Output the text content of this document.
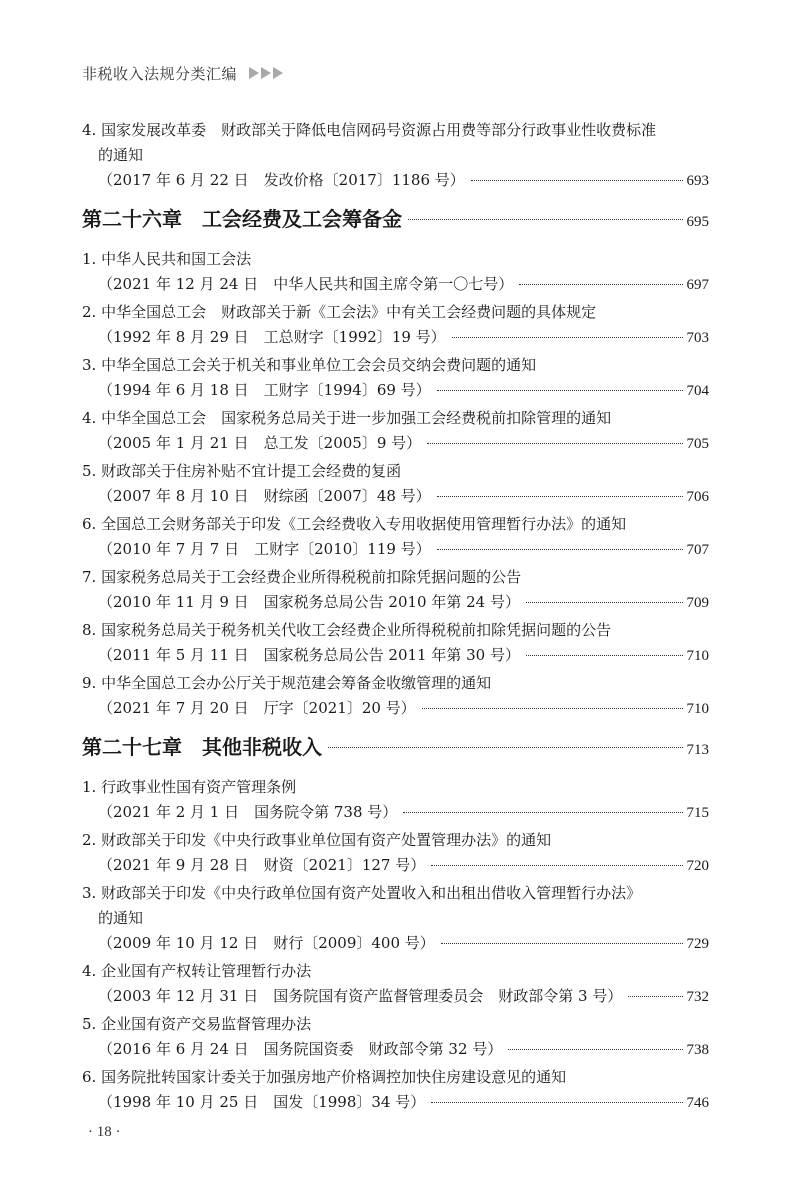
非税收入法规分类汇编
4. 国家发展改革委　财政部关于降低电信网码号资源占用费等部分行政事业性收费标准
的通知
（2017 年 6 月 22 日　发改价格〔2017〕1186 号）	693
第二十六章　工会经费及工会筹备金	695
1. 中华人民共和国工会法
（2021 年 12 月 24 日　中华人民共和国主席令第一〇七号）	697
2. 中华全国总工会　财政部关于新《工会法》中有关工会经费问题的具体规定
（1992 年 8 月 29 日　工总财字〔1992〕19 号）	703
3. 中华全国总工会关于机关和事业单位工会会员交纳会费问题的通知
（1994 年 6 月 18 日　工财字〔1994〕69 号）	704
4. 中华全国总工会　国家税务总局关于进一步加强工会经费税前扣除管理的通知
（2005 年 1 月 21 日　总工发〔2005〕9 号）	705
5. 财政部关于住房补贴不宜计提工会经费的复函
（2007 年 8 月 10 日　财综函〔2007〕48 号）	706
6. 全国总工会财务部关于印发《工会经费收入专用收据使用管理暂行办法》的通知
（2010 年 7 月 7 日　工财字〔2010〕119 号）	707
7. 国家税务总局关于工会经费企业所得税税前扣除凭据问题的公告
（2010 年 11 月 9 日　国家税务总局公告 2010 年第 24 号）	709
8. 国家税务总局关于税务机关代收工会经费企业所得税税前扣除凭据问题的公告
（2011 年 5 月 11 日　国家税务总局公告 2011 年第 30 号）	710
9. 中华全国总工会办公厅关于规范建会筹备金收缴管理的通知
（2021 年 7 月 20 日　厅字〔2021〕20 号）	710
第二十七章　其他非税收入	713
1. 行政事业性国有资产管理条例
（2021 年 2 月 1 日　国务院令第 738 号）	715
2. 财政部关于印发《中央行政事业单位国有资产处置管理办法》的通知
（2021 年 9 月 28 日　财资〔2021〕127 号）	720
3. 财政部关于印发《中央行政单位国有资产处置收入和出租出借收入管理暂行办法》
的通知
（2009 年 10 月 12 日　财行〔2009〕400 号）	729
4. 企业国有产权转让管理暂行办法
（2003 年 12 月 31 日　国务院国有资产监督管理委员会　财政部令第 3 号）	732
5. 企业国有资产交易监督管理办法
（2016 年 6 月 24 日　国务院国资委　财政部令第 32 号）	738
6. 国务院批转国家计委关于加强房地产价格调控加快住房建设意见的通知
（1998 年 10 月 25 日　国发〔1998〕34 号）	746
· 18 ·
